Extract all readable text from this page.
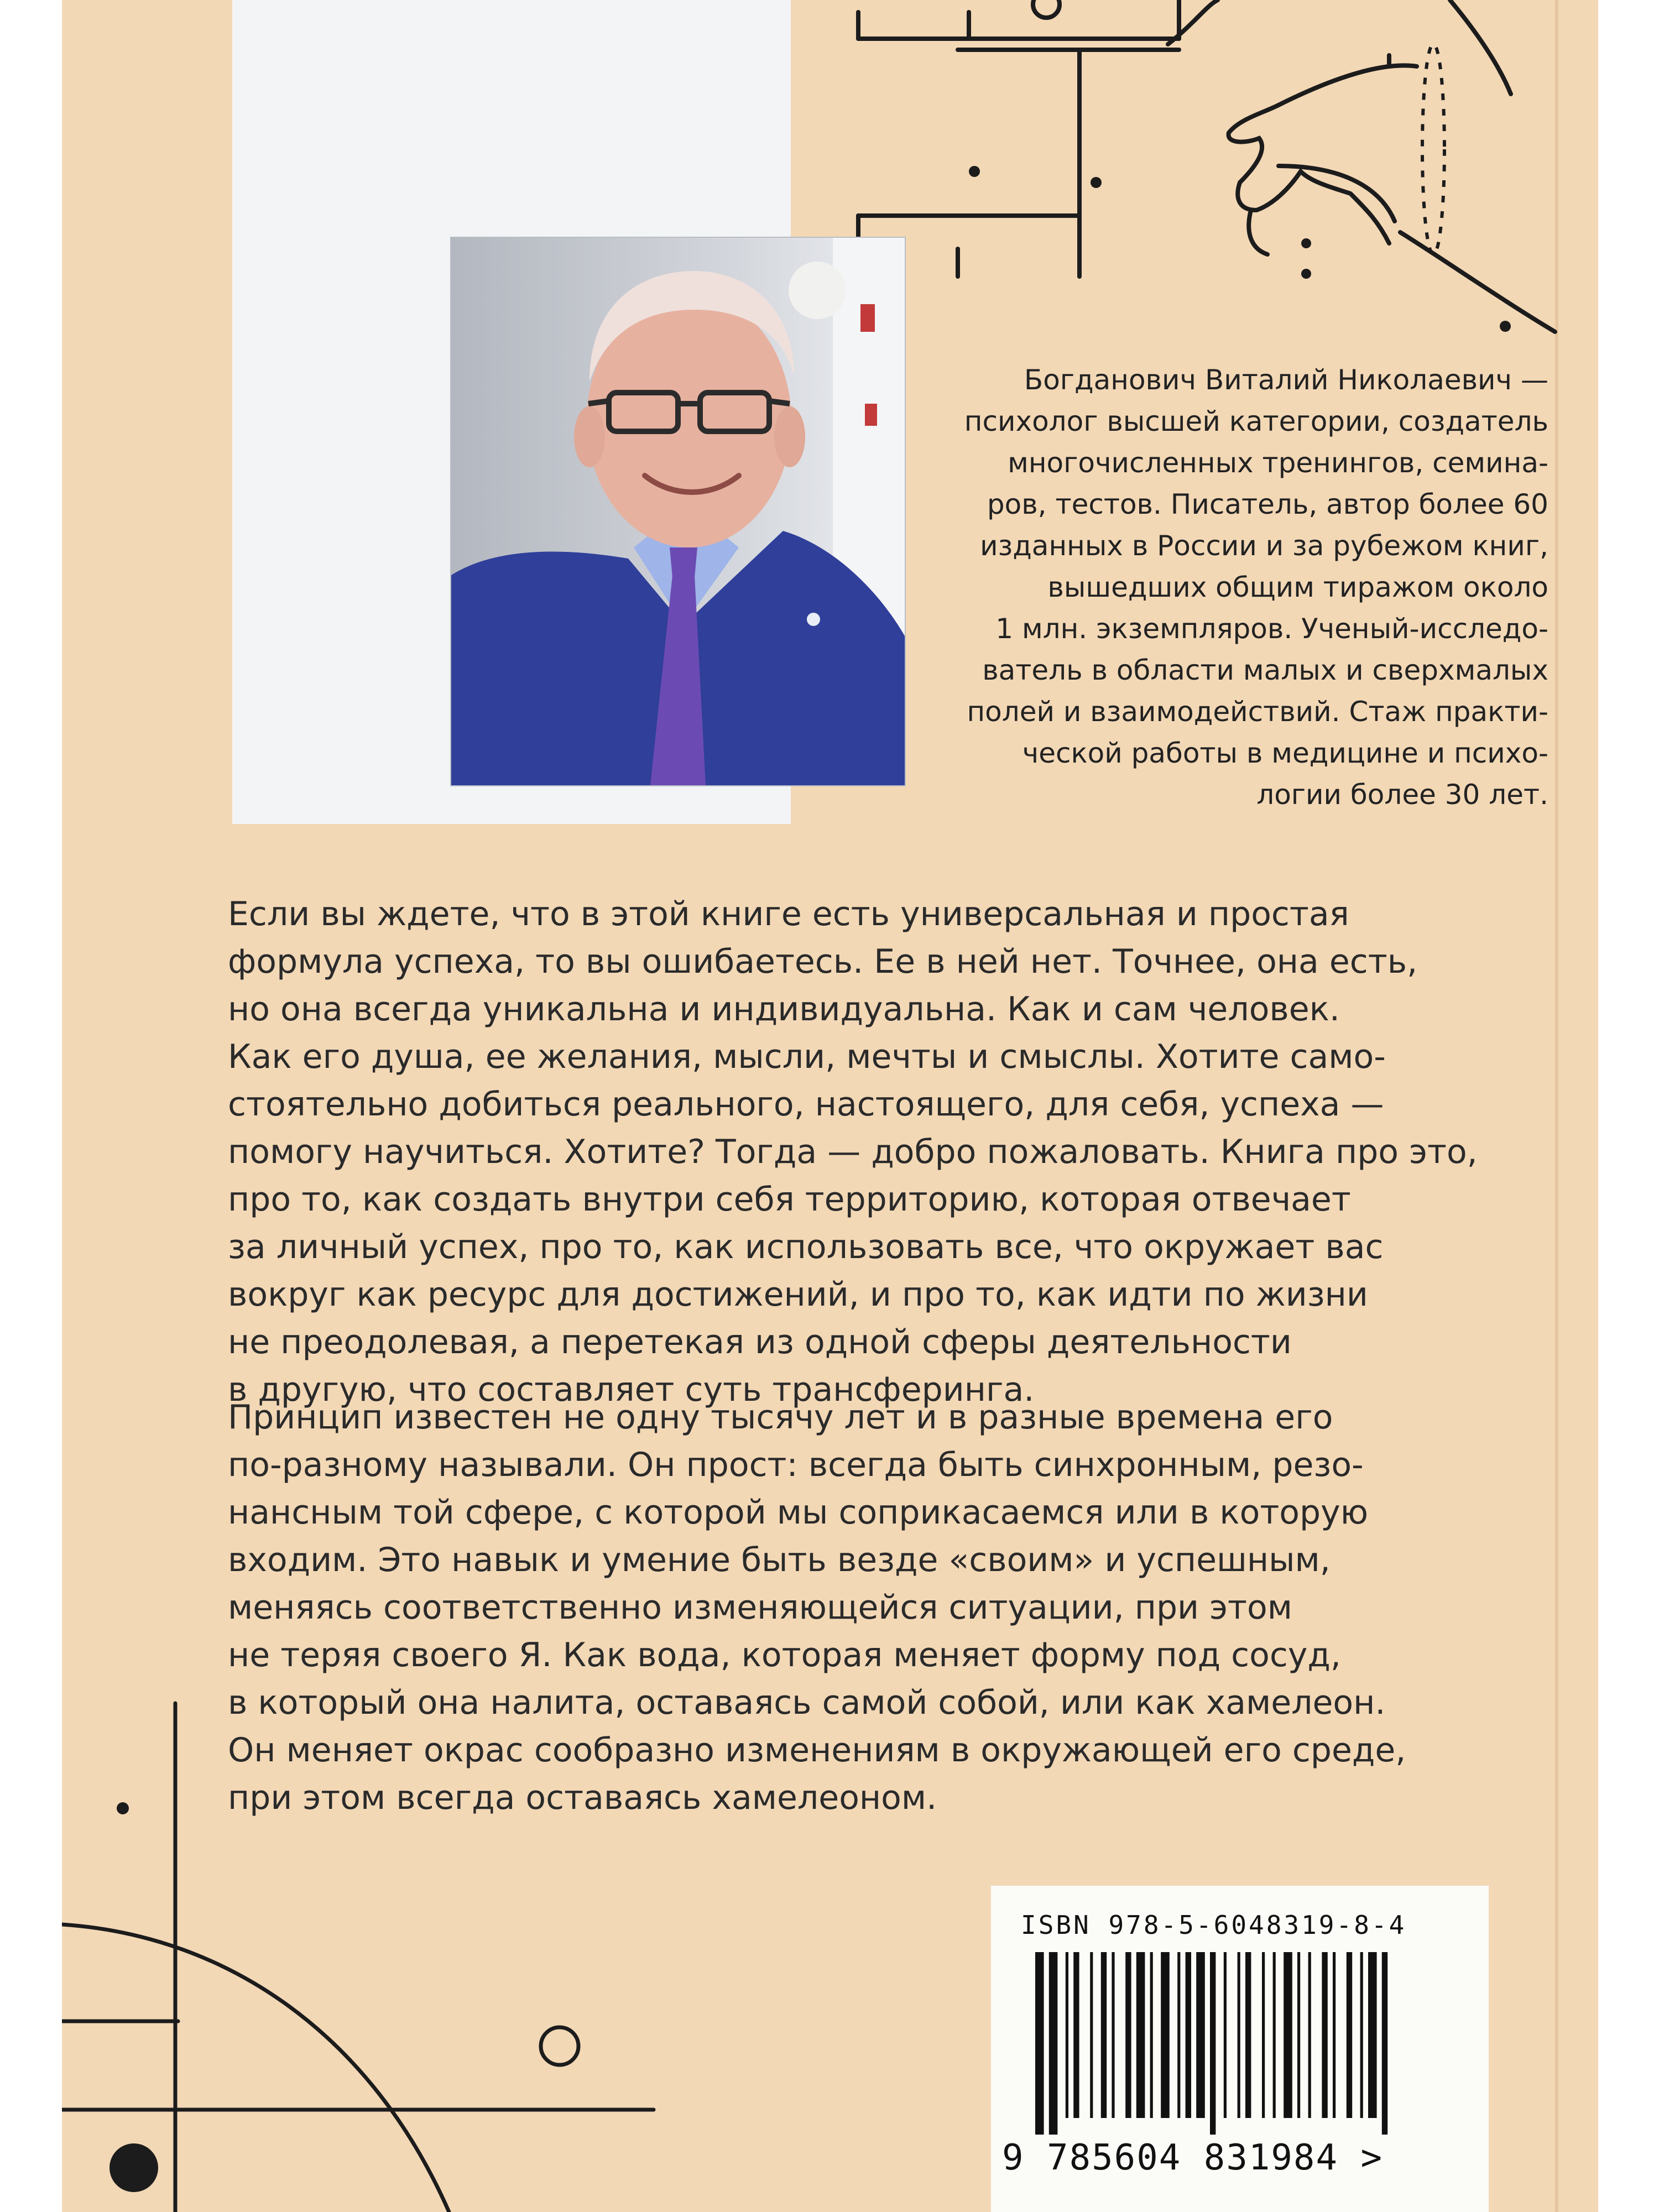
Богданович Виталий Николаевич —
психолог высшей категории, создатель
многочисленных тренингов, семина-
ров, тестов. Писатель, автор более 60
изданных в России и за рубежом книг,
вышедших общим тиражом около
1 млн. экземпляров. Ученый-исследо-
ватель в области малых и сверхмалых
полей и взаимодействий. Стаж практи-
ческой работы в медицине и психо-
логии более 30 лет.

Если вы ждете, что в этой книге есть универсальная и простая
формула успеха, то вы ошибаетесь. Ее в ней нет. Точнее, она есть,
но она всегда уникальна и индивидуальна. Как и сам человек.
Как его душа, ее желания, мысли, мечты и смыслы. Хотите само-
стоятельно добиться реального, настоящего, для себя, успеха —
помогу научиться. Хотите? Тогда — добро пожаловать. Книга про это,
про то, как создать внутри себя территорию, которая отвечает
за личный успех, про то, как использовать все, что окружает вас
вокруг как ресурс для достижений, и про то, как идти по жизни
не преодолевая, а перетекая из одной сферы деятельности
в другую, что составляет суть трансферинга.

Принцип известен не одну тысячу лет и в разные времена его
по-разному называли. Он прост: всегда быть синхронным, резо-
нансным той сфере, с которой мы соприкасаемся или в которую
входим. Это навык и умение быть везде «своим» и успешным,
меняясь соответственно изменяющейся ситуации, при этом
не теряя своего Я. Как вода, которая меняет форму под сосуд,
в который она налита, оставаясь самой собой, или как хамелеон.
Он меняет окрас сообразно изменениям в окружающей его среде,
при этом всегда оставаясь хамелеоном.

ISBN 978-5-6048319-8-4

9 785604 831984 >
